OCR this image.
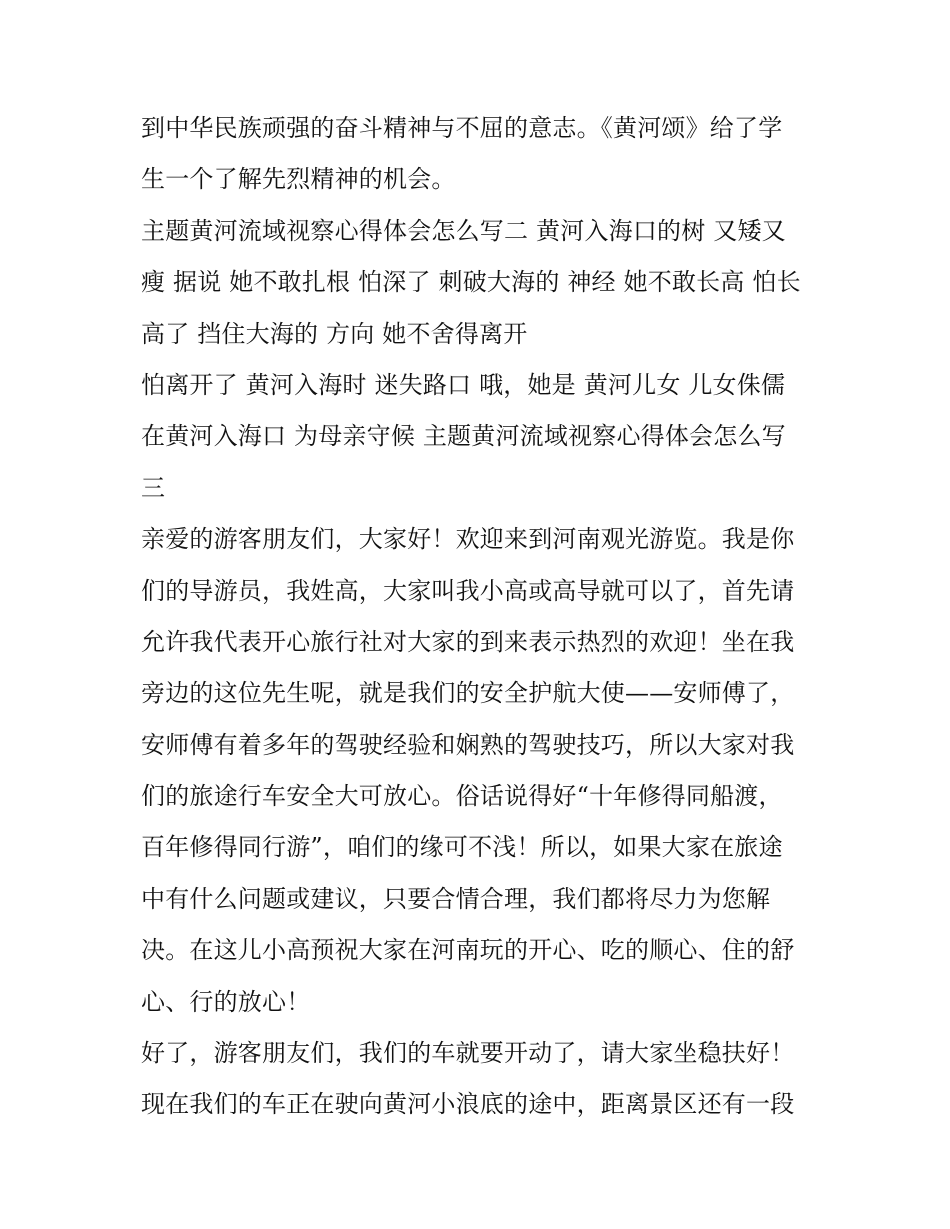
到中华民族顽强的奋斗精神与不屈的意志。《黄河颂》给了学
生一个了解先烈精神的机会。
主题黄河流域视察心得体会怎么写二 黄河入海口的树 又矮又
瘦 据说 她不敢扎根 怕深了 刺破大海的 神经 她不敢长高 怕长
高了 挡住大海的 方向 她不舍得离开
怕离开了 黄河入海时 迷失路口 哦，她是 黄河儿女 儿女侏儒
在黄河入海口 为母亲守候 主题黄河流域视察心得体会怎么写
三
亲爱的游客朋友们，大家好！欢迎来到河南观光游览。我是你
们的导游员，我姓高，大家叫我小高或高导就可以了，首先请
允许我代表开心旅行社对大家的到来表示热烈的欢迎！坐在我
旁边的这位先生呢，就是我们的安全护航大使——安师傅了，
安师傅有着多年的驾驶经验和娴熟的驾驶技巧，所以大家对我
们的旅途行车安全大可放心。俗话说得好“十年修得同船渡，
百年修得同行游”，咱们的缘可不浅！所以，如果大家在旅途
中有什么问题或建议，只要合情合理，我们都将尽力为您解
决。在这儿小高预祝大家在河南玩的开心、吃的顺心、住的舒
心、行的放心！
好了，游客朋友们，我们的车就要开动了，请大家坐稳扶好！
现在我们的车正在驶向黄河小浪底的途中，距离景区还有一段
